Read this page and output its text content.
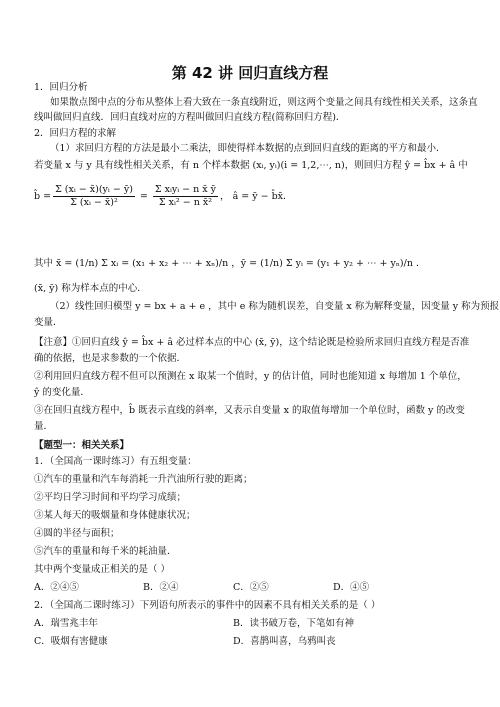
第 42 讲 回归直线方程
1．回归分析
如果散点图中点的分布从整体上看大致在一条直线附近，则这两个变量之间具有线性相关关系，这条直
线叫做回归直线．回归直线对应的方程叫做回归直线方程(简称回归方程)．
2．回归方程的求解
（1）求回归方程的方法是最小二乘法，即使得样本数据的点到回归直线的距离的平方和最小．
若变量 x 与 y 具有线性相关关系，有 n 个样本数据 (xᵢ, yᵢ)(i = 1,2,⋯, n)，则回归方程 ŷ = b̂x + â 中
b̂ = $\frac{\text{Σ (xᵢ − x̄)(yᵢ − ȳ)}}{\text{Σ (xᵢ − x̄)²}} = \frac{\text{Σ xᵢyᵢ − n x̄ ȳ}}{\text{Σ xᵢ² − n x̄²}}$ ， â = ȳ − b̂x̄．
其中 x̄ = (1/n) Σ xᵢ = (x₁ + x₂ + ⋯ + xₙ)/n ，ȳ = (1/n) Σ yᵢ = (y₁ + y₂ + ⋯ + yₙ)/n ．
(x̄, ȳ) 称为样本点的中心．
（2）线性回归模型 y = bx + a + e ，其中 e 称为随机误差，自变量 x 称为解释变量，因变量 y 称为预报
变量．
【注意】①回归直线 ŷ = b̂x + â 必过样本点的中心 (x̄, ȳ)，这个结论既是检验所求回归直线方程是否准
确的依据，也是求参数的一个依据．
②利用回归直线方程不但可以预测在 x 取某一个值时，y 的估计值，同时也能知道 x 每增加 1 个单位，
ŷ 的变化量．
③在回归直线方程中，b̂ 既表示直线的斜率，又表示自变量 x 的取值每增加一个单位时，函数 y 的改变
量．
【题型一：相关关系】
1．（全国高一课时练习）有五组变量：
①汽车的重量和汽车每消耗一升汽油所行驶的距离；
②平均日学习时间和平均学习成绩；
③某人每天的吸烟量和身体健康状况；
④圆的半径与面积；
⑤汽车的重量和每千米的耗油量．
其中两个变量成正相关的是（ ）
A．②④⑤	B．②④	C．②⑤	D．④⑤
2．（全国高二课时练习）下列语句所表示的事件中的因素不具有相关关系的是（ ）
A．瑞雪兆丰年	B．读书破万卷，下笔如有神
C．吸烟有害健康	D．喜鹊叫喜，乌鸦叫丧
